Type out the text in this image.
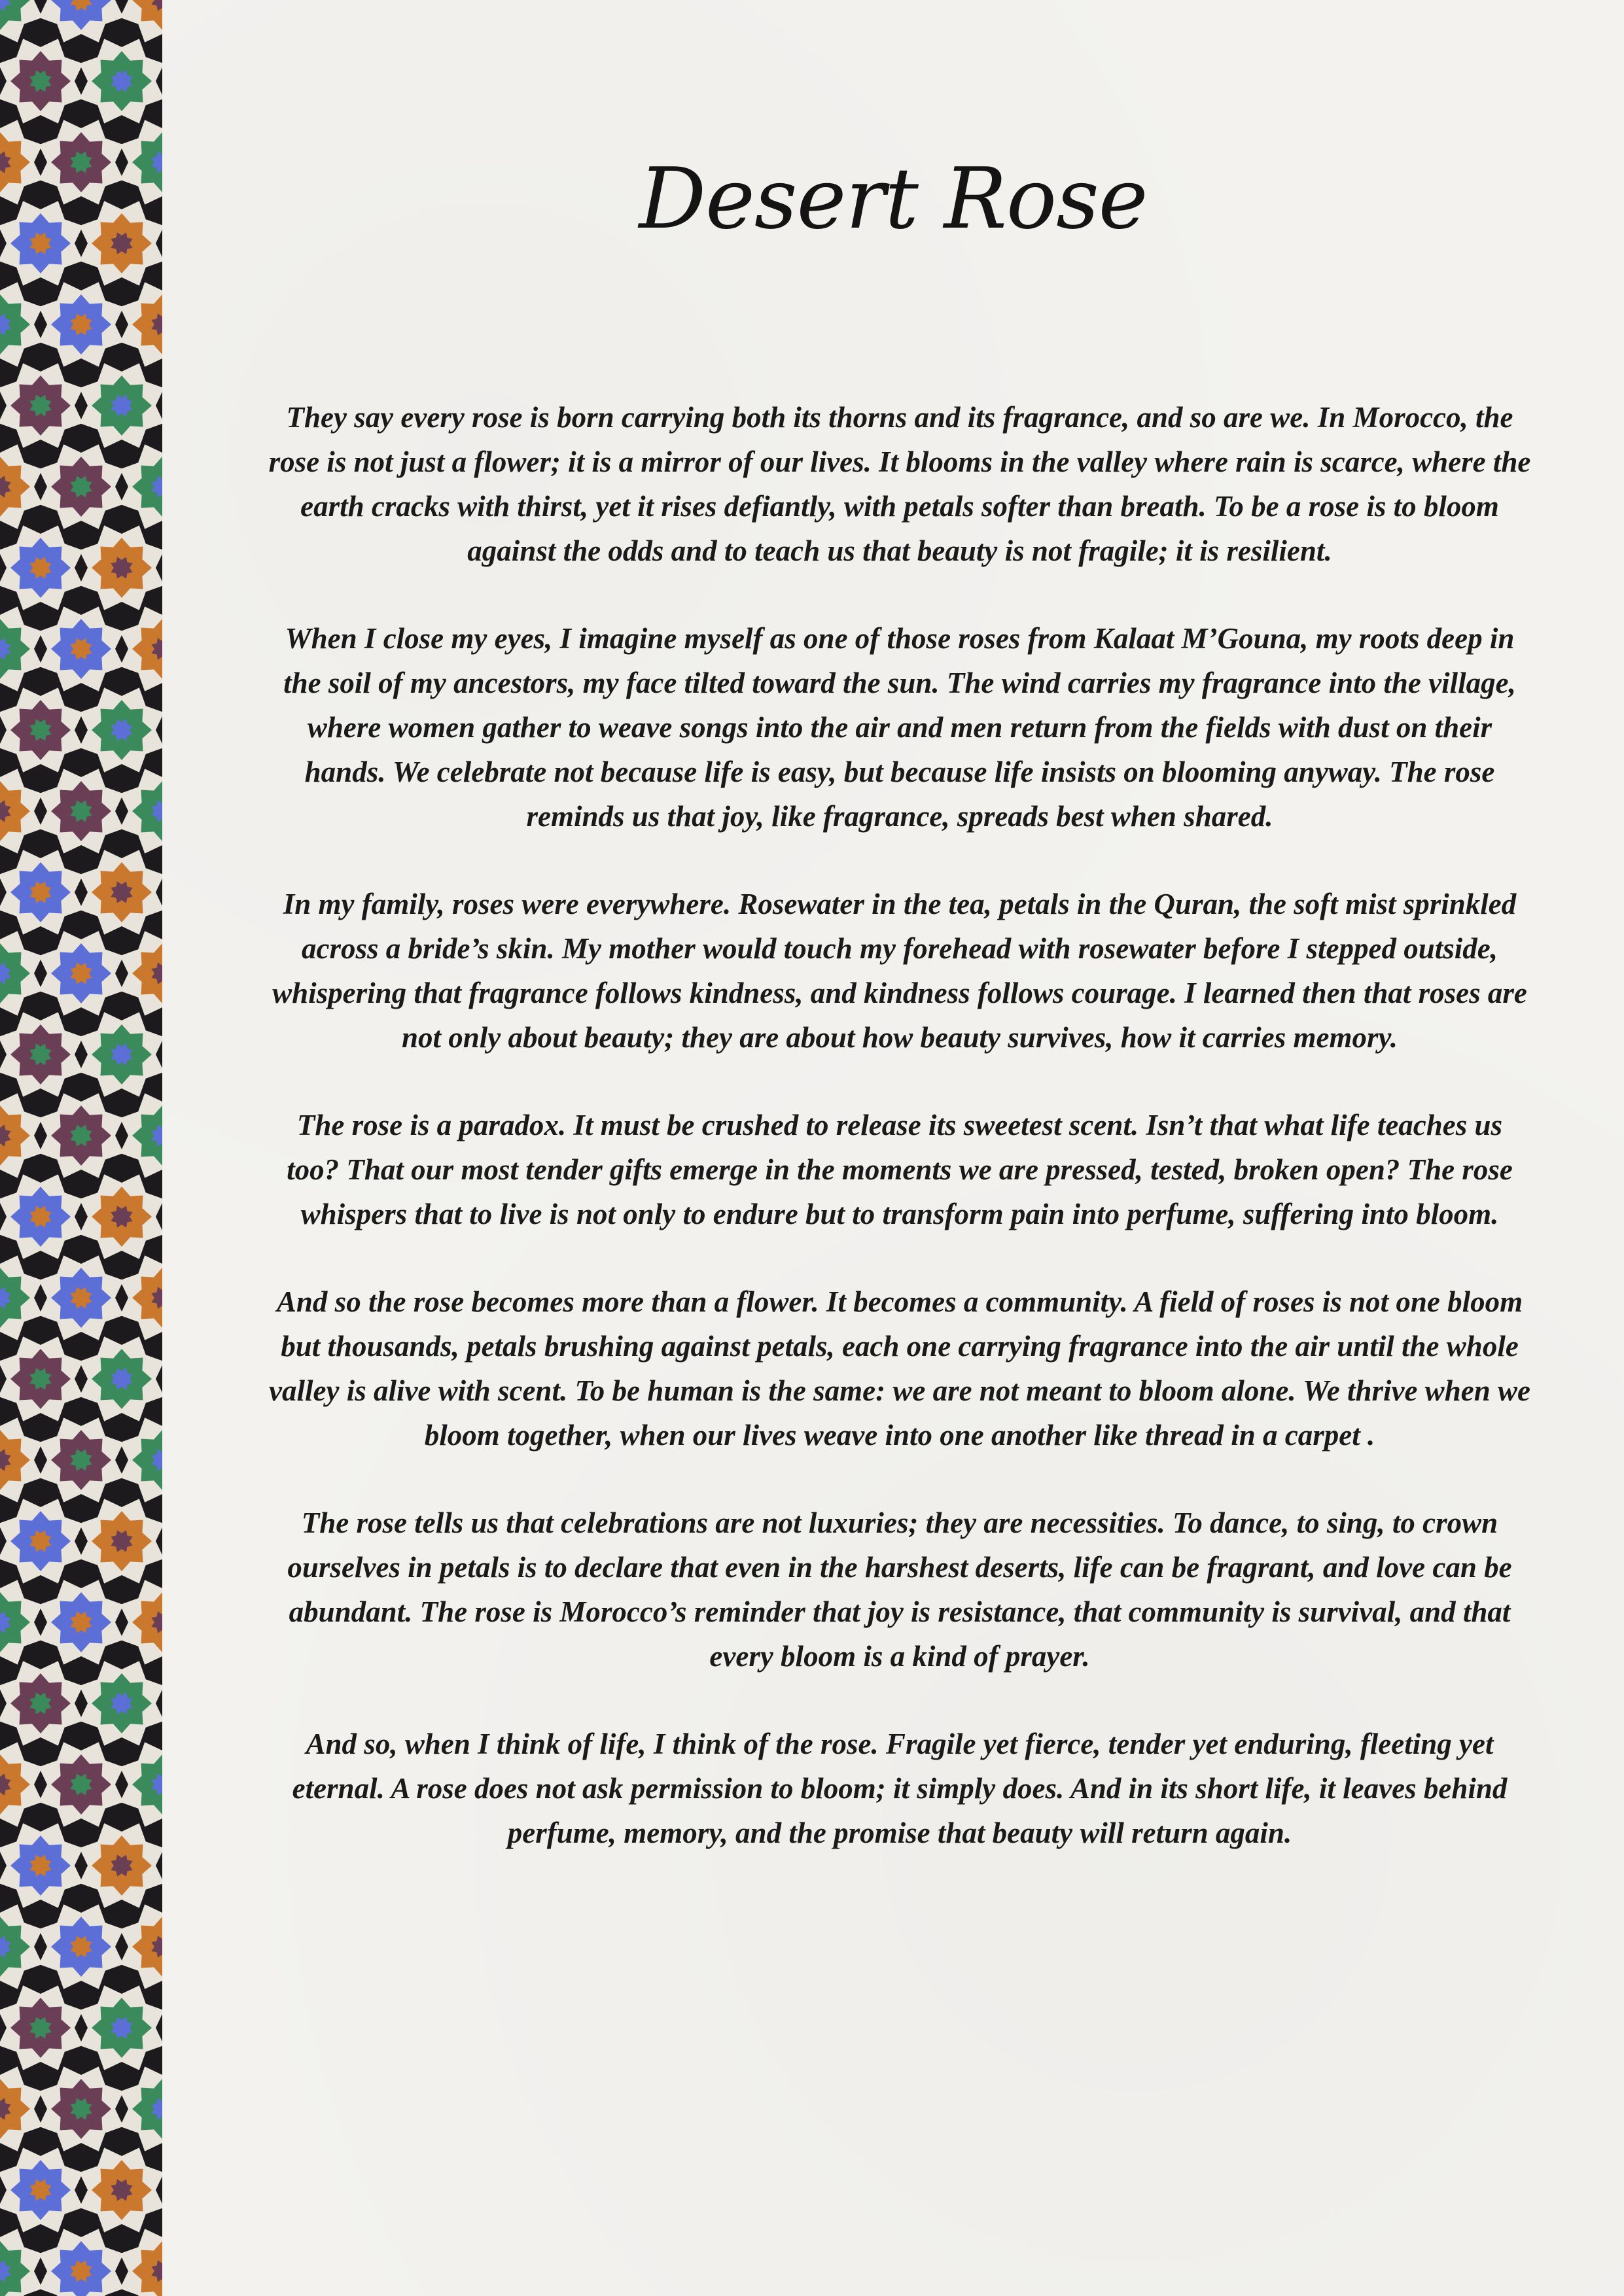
Desert Rose

They say every rose is born carrying both its thorns and its fragrance, and so are we. In Morocco, the rose is not just a flower; it is a mirror of our lives. It blooms in the valley where rain is scarce, where the earth cracks with thirst, yet it rises defiantly, with petals softer than breath. To be a rose is to bloom against the odds and to teach us that beauty is not fragile; it is resilient.

When I close my eyes, I imagine myself as one of those roses from Kalaat M’Gouna, my roots deep in the soil of my ancestors, my face tilted toward the sun. The wind carries my fragrance into the village, where women gather to weave songs into the air and men return from the fields with dust on their hands. We celebrate not because life is easy, but because life insists on blooming anyway. The rose reminds us that joy, like fragrance, spreads best when shared.

In my family, roses were everywhere. Rosewater in the tea, petals in the Quran, the soft mist sprinkled across a bride’s skin. My mother would touch my forehead with rosewater before I stepped outside, whispering that fragrance follows kindness, and kindness follows courage. I learned then that roses are not only about beauty; they are about how beauty survives, how it carries memory.

The rose is a paradox. It must be crushed to release its sweetest scent. Isn’t that what life teaches us too? That our most tender gifts emerge in the moments we are pressed, tested, broken open? The rose whispers that to live is not only to endure but to transform pain into perfume, suffering into bloom.

And so the rose becomes more than a flower. It becomes a community. A field of roses is not one bloom but thousands, petals brushing against petals, each one carrying fragrance into the air until the whole valley is alive with scent. To be human is the same: we are not meant to bloom alone. We thrive when we bloom together, when our lives weave into one another like thread in a carpet .

The rose tells us that celebrations are not luxuries; they are necessities. To dance, to sing, to crown ourselves in petals is to declare that even in the harshest deserts, life can be fragrant, and love can be abundant. The rose is Morocco’s reminder that joy is resistance, that community is survival, and that every bloom is a kind of prayer.

And so, when I think of life, I think of the rose. Fragile yet fierce, tender yet enduring, fleeting yet eternal. A rose does not ask permission to bloom; it simply does. And in its short life, it leaves behind perfume, memory, and the promise that beauty will return again.
